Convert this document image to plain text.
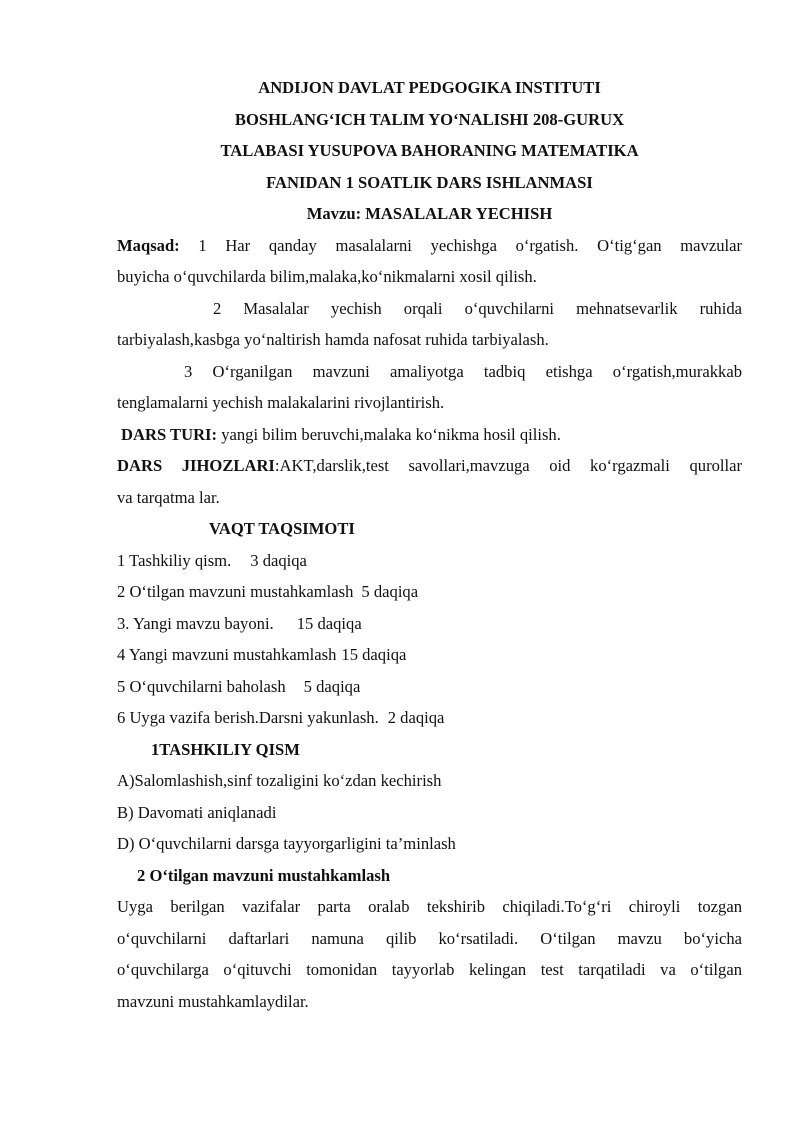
ANDIJON DAVLAT PEDGOGIKA INSTITUTI

BOSHLANG‘ICH TALIM YO‘NALISHI 208-GURUX

TALABASI YUSUPOVA BAHORANING MATEMATIKA

FANIDAN 1 SOATLIK DARS ISHLANMASI

Mavzu: MASALALAR YECHISH

Maqsad: 1 Har qanday masalalarni yechishga o‘rgatish. O‘tig‘gan mavzular

buyicha o‘quvchilarda bilim,malaka,ko‘nikmalarni xosil qilish.

2 Masalalar yechish orqali o‘quvchilarni mehnatsevarlik ruhida

tarbiyalash,kasbga yo‘naltirish hamda nafosat ruhida tarbiyalash.

3 O‘rganilgan mavzuni amaliyotga tadbiq etishga o‘rgatish,murakkab

tenglamalarni yechish malakalarini rivojlantirish.

DARS TURI: yangi bilim beruvchi,malaka ko‘nikma hosil qilish.

DARS JIHOZLARI:AKT,darslik,test savollari,mavzuga oid ko‘rgazmali qurollar

va tarqatma lar.

VAQT TAQSIMOTI

1 Tashkiliy qism. 3 daqiqa

2 O‘tilgan mavzuni mustahkamlash 5 daqiqa

3. Yangi mavzu bayoni. 15 daqiqa

4 Yangi mavzuni mustahkamlash 15 daqiqa

5 O‘quvchilarni baholash 5 daqiqa

6 Uyga vazifa berish.Darsni yakunlash. 2 daqiqa

1TASHKILIY QISM

A)Salomlashish,sinf tozaligini ko‘zdan kechirish

B) Davomati aniqlanadi

D) O‘quvchilarni darsga tayyorgarligini ta’minlash

2 O‘tilgan mavzuni mustahkamlash

Uyga berilgan vazifalar parta oralab tekshirib chiqiladi.To‘g‘ri chiroyli tozgan

o‘quvchilarni daftarlari namuna qilib ko‘rsatiladi. O‘tilgan mavzu bo‘yicha

o‘quvchilarga o‘qituvchi tomonidan tayyorlab kelingan test tarqatiladi va o‘tilgan

mavzuni mustahkamlaydilar.
